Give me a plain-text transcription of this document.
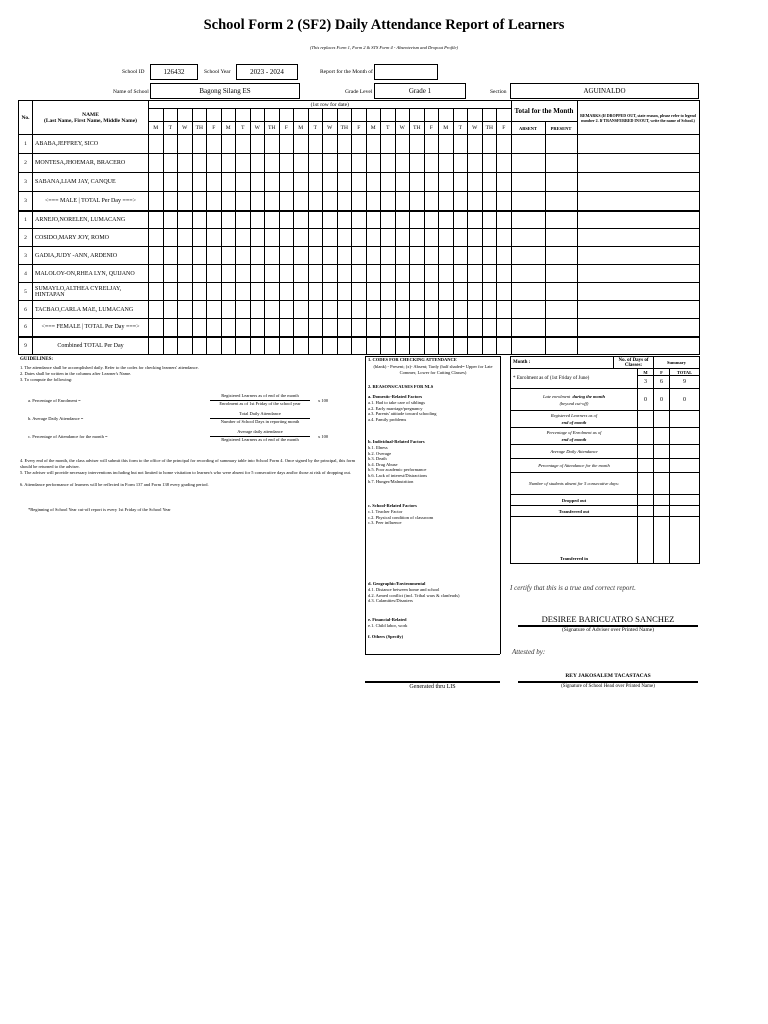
School Form 2 (SF2) Daily Attendance Report of Learners
(This replaces Form 1, Form 2 & STS Form 4 - Absenteeism and Dropout Profile)
School ID	126432	School Year	2023 - 2024	Report for the Month of
Name of School	Bagong Silang ES	Grade Level	Grade 1	Section	AGUINALDO
No.	NAME
(Last Name, First Name, Middle Name)	(1st row for date)																									Total for the Month		REMARKS (If DROPPED OUT, state reason, please refer to legend number 2. If TRANSFERRED IN/OUT, write the name of School.)

		M	T	W	TH	F	M	T	W	TH	F	M	T	W	TH	F	M	T	W	TH	F	M	T	W	TH	F	ABSENT	PRESENT	
1	ABABA,JEFFREY, SICO																												
2	MONTESA,JHOEMAR, BRACERO																												
3	SABANA,LIAM JAY, CANQUE																												
3	<=== MALE | TOTAL Per Day ===>																												
1	ARNEJO,NORELEN, LUMACANG																												
2	COSIDO,MARY JOY, ROMO																												
3	GADIA,JUDY -ANN, ARDENIO																												
4	MALOLOY-ON,RHEA LYN, QUIJANO																												
5	SUMAYLO,ALTHEA CYRELJAY, HINTAPAN																												
6	TACBAO,CARLA MAE, LUMACANG																												
6	<=== FEMALE | TOTAL Per Day ===>																												
9	Combined TOTAL Per Day																												
GUIDELINES:
1. The attendance shall be accomplished daily. Refer to the codes for checking learners' attendance.
2. Dates shall be written in the columns after Learner's Name.
3. To compute the following:
a. Percentage of Enrolment =
Registered Learners as of end of the month
Enrolment as of 1st Friday of the school year
x 100
b. Average Daily Attendance =
Total Daily Attendance
Number of School Days in reporting month
c. Percentage of Attendance for the month =
Average daily attendance
Registered Learners as of end of the month
x 100
4. Every end of the month, the class adviser will submit this form to the office of the principal for recording of summary table into School Form 4. Once signed by the principal, this form should be returned to the adviser.
5. The adviser will provide necessary interventions including but not limited to home visitation to learner/s who were absent for 5 consecutive days and/or those at risk of dropping out.
6. Attendance performance of learners will be reflected in Form 137 and Form 138 every grading period.
*Beginning of School Year cut-off report is every 1st Friday of the School Year
1. CODES FOR CHECKING ATTENDANCE
(blank) - Present; (x)- Absent; Tardy (half shaded= Upper for Late Commer, Lower for Cutting Classes)
2. REASONS/CAUSES FOR NLS
a. Domestic-Related Factors
a.1. Had to take care of siblings
a.2. Early marriage/pregnancy
a.3. Parents' attitude toward schooling
a.4. Family problems
b. Individual-Related Factors
b.1. Illness
b.2. Overage
b.3. Death
b.4. Drug Abuse
b.5. Poor academic performance
b.6. Lack of interest/Distractions
b.7. Hunger/Malnutrition
c. School-Related Factors
c.1. Teacher Factor
c.2. Physical condition of classroom
c.3. Peer influence
d. Geographic/Environmental
d.1. Distance between home and school
d.2. Armed conflict (incl. Tribal wars & clanfeuds)
d.3. Calamities/Disasters
e. Financial-Related
e.1. Child labor, work
f. Others (Specify)
Month :	No. of Days of Classes:		Summary	
* Enrolment as of (1st Friday of June)		M	F	TOTAL
		3	6	9
Late enrolment during the month
(beyond cut-off)		0	0	0
Registered Learners as of
end of month				
Percentage of Enrolment as of
end of month				
Average Daily Attendance				
Percentage of Attendance for the month				
Number of students absent for 5 consecutive days:				
Dropped out				
Transferred out				
Transferred in				
I certify that this is a true and correct report.
DESIREE BARICUATRO SANCHEZ
(Signature of Adviser over Printed Name)
Attested by:
REY JAKOSALEM TACASTACAS
(Signature of School Head over Printed Name)
Generated thru LIS
